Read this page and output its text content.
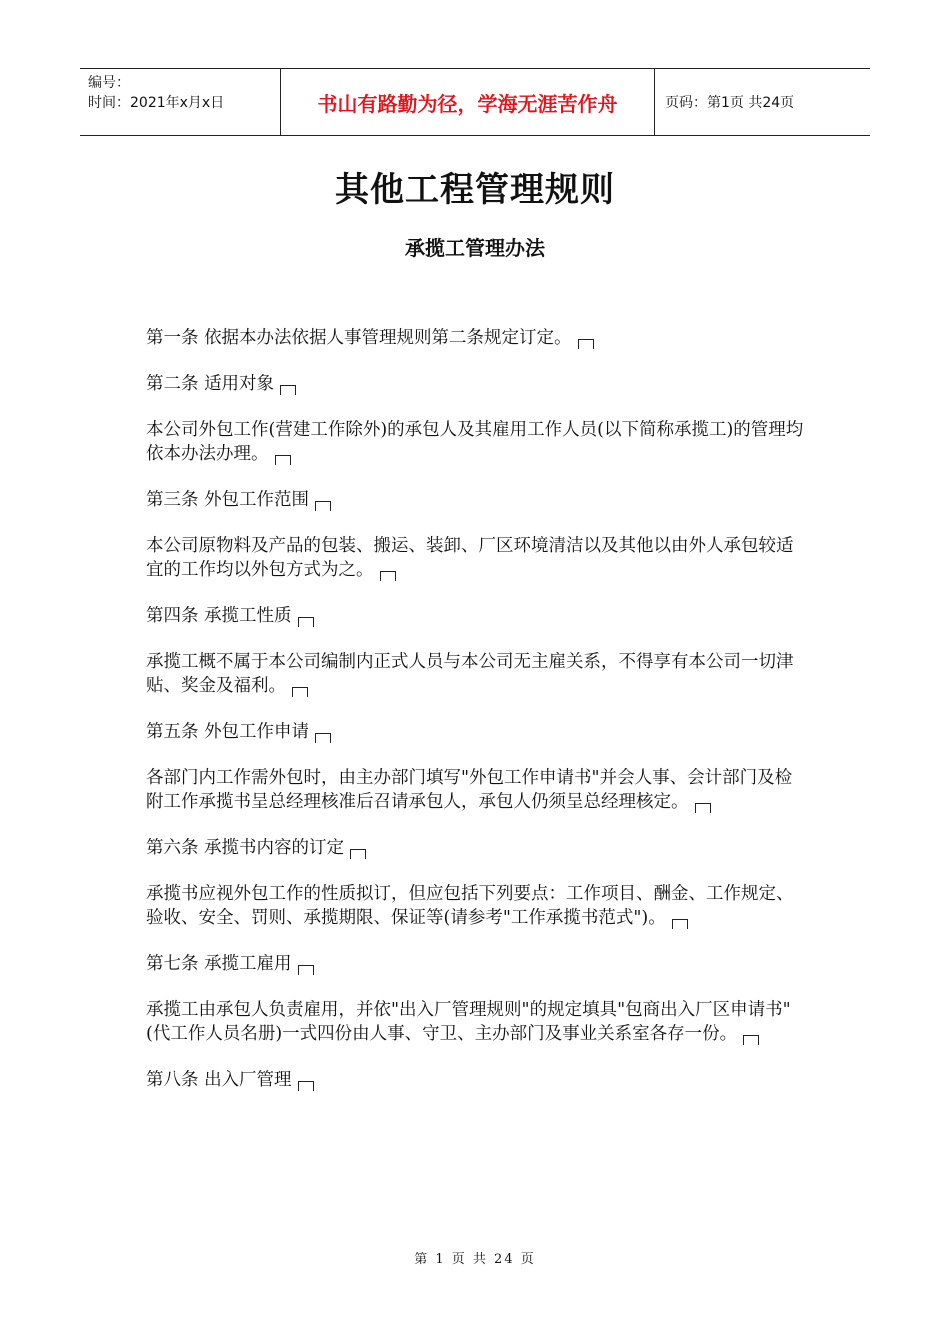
编号：
时间：2021年x月x日	书山有路勤为径，学海无涯苦作舟	页码：第1页 共24页
其他工程管理规则
承揽工管理办法

第一条 依据本办法依据人事管理规则第二条规定订定。

第二条 适用对象

本公司外包工作(营建工作除外)的承包人及其雇用工作人员(以下简称承揽工)的管理均依本办法办理。

第三条 外包工作范围

本公司原物料及产品的包装、搬运、装卸、厂区环境清洁以及其他以由外人承包较适宜的工作均以外包方式为之。

第四条 承揽工性质

承揽工概不属于本公司编制内正式人员与本公司无主雇关系，不得享有本公司一切津贴、奖金及福利。

第五条 外包工作申请

各部门内工作需外包时，由主办部门填写"外包工作申请书"并会人事、会计部门及检附工作承揽书呈总经理核准后召请承包人，承包人仍须呈总经理核定。

第六条 承揽书内容的订定

承揽书应视外包工作的性质拟订，但应包括下列要点：工作项目、酬金、工作规定、验收、安全、罚则、承揽期限、保证等(请参考"工作承揽书范式")。

第七条 承揽工雇用

承揽工由承包人负责雇用，并依"出入厂管理规则"的规定填具"包商出入厂区申请书"(代工作人员名册)一式四份由人事、守卫、主办部门及事业关系室各存一份。

第八条 出入厂管理

第 1 页 共 24 页
